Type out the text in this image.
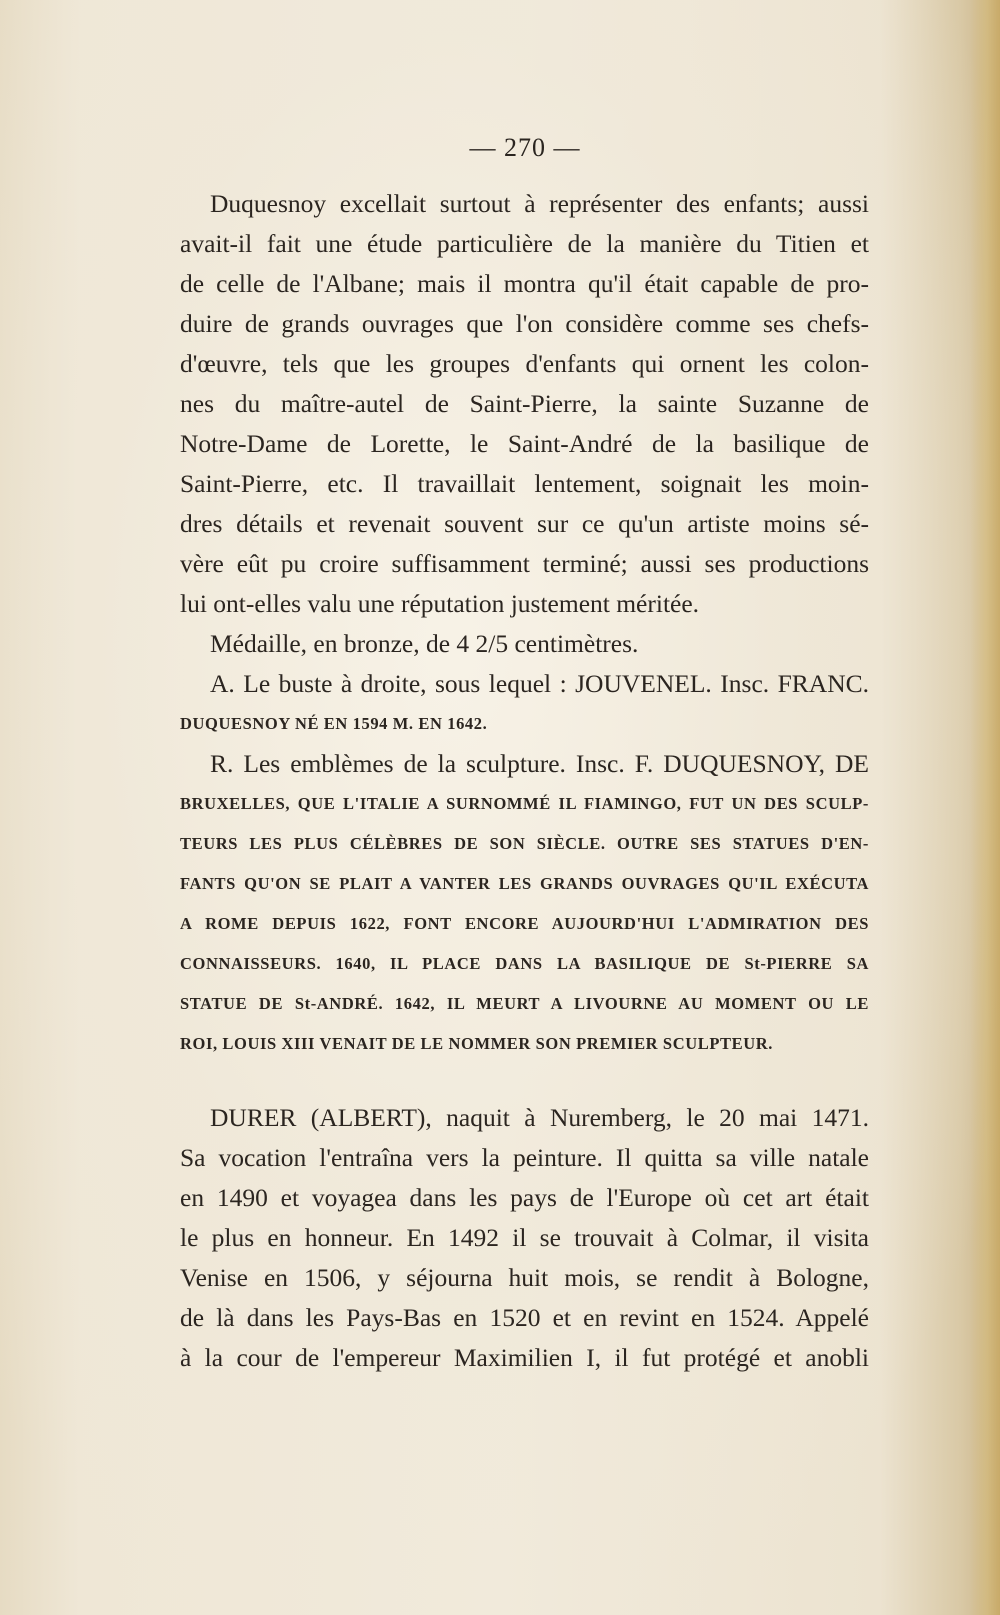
— 270 —
Duquesnoy excellait surtout à représenter des enfants; aussi
avait-il fait une étude particulière de la manière du Titien et
de celle de l'Albane; mais il montra qu'il était capable de pro-
duire de grands ouvrages que l'on considère comme ses chefs-
d'œuvre, tels que les groupes d'enfants qui ornent les colon-
nes du maître-autel de Saint-Pierre, la sainte Suzanne de
Notre-Dame de Lorette, le Saint-André de la basilique de
Saint-Pierre, etc. Il travaillait lentement, soignait les moin-
dres détails et revenait souvent sur ce qu'un artiste moins sé-
vère eût pu croire suffisamment terminé; aussi ses productions
lui ont-elles valu une réputation justement méritée.
Médaille, en bronze, de 4 2/5 centimètres.
A. Le buste à droite, sous lequel : JOUVENEL. Insc. FRANC.
DUQUESNOY NÉ EN 1594 M. EN 1642.
R. Les emblèmes de la sculpture. Insc. F. DUQUESNOY, DE
BRUXELLES, QUE L'ITALIE A SURNOMMÉ IL FIAMINGO, FUT UN DES SCULP-
TEURS LES PLUS CÉLÈBRES DE SON SIÈCLE. OUTRE SES STATUES D'EN-
FANTS QU'ON SE PLAIT A VANTER LES GRANDS OUVRAGES QU'IL EXÉCUTA
A ROME DEPUIS 1622, FONT ENCORE AUJOURD'HUI L'ADMIRATION DES
CONNAISSEURS. 1640, IL PLACE DANS LA BASILIQUE DE St-PIERRE SA
STATUE DE St-ANDRÉ. 1642, IL MEURT A LIVOURNE AU MOMENT OU LE
ROI, LOUIS XIII VENAIT DE LE NOMMER SON PREMIER SCULPTEUR.
DURER (ALBERT), naquit à Nuremberg, le 20 mai 1471.
Sa vocation l'entraîna vers la peinture. Il quitta sa ville natale
en 1490 et voyagea dans les pays de l'Europe où cet art était
le plus en honneur. En 1492 il se trouvait à Colmar, il visita
Venise en 1506, y séjourna huit mois, se rendit à Bologne,
de là dans les Pays-Bas en 1520 et en revint en 1524. Appelé
à la cour de l'empereur Maximilien I, il fut protégé et anobli
